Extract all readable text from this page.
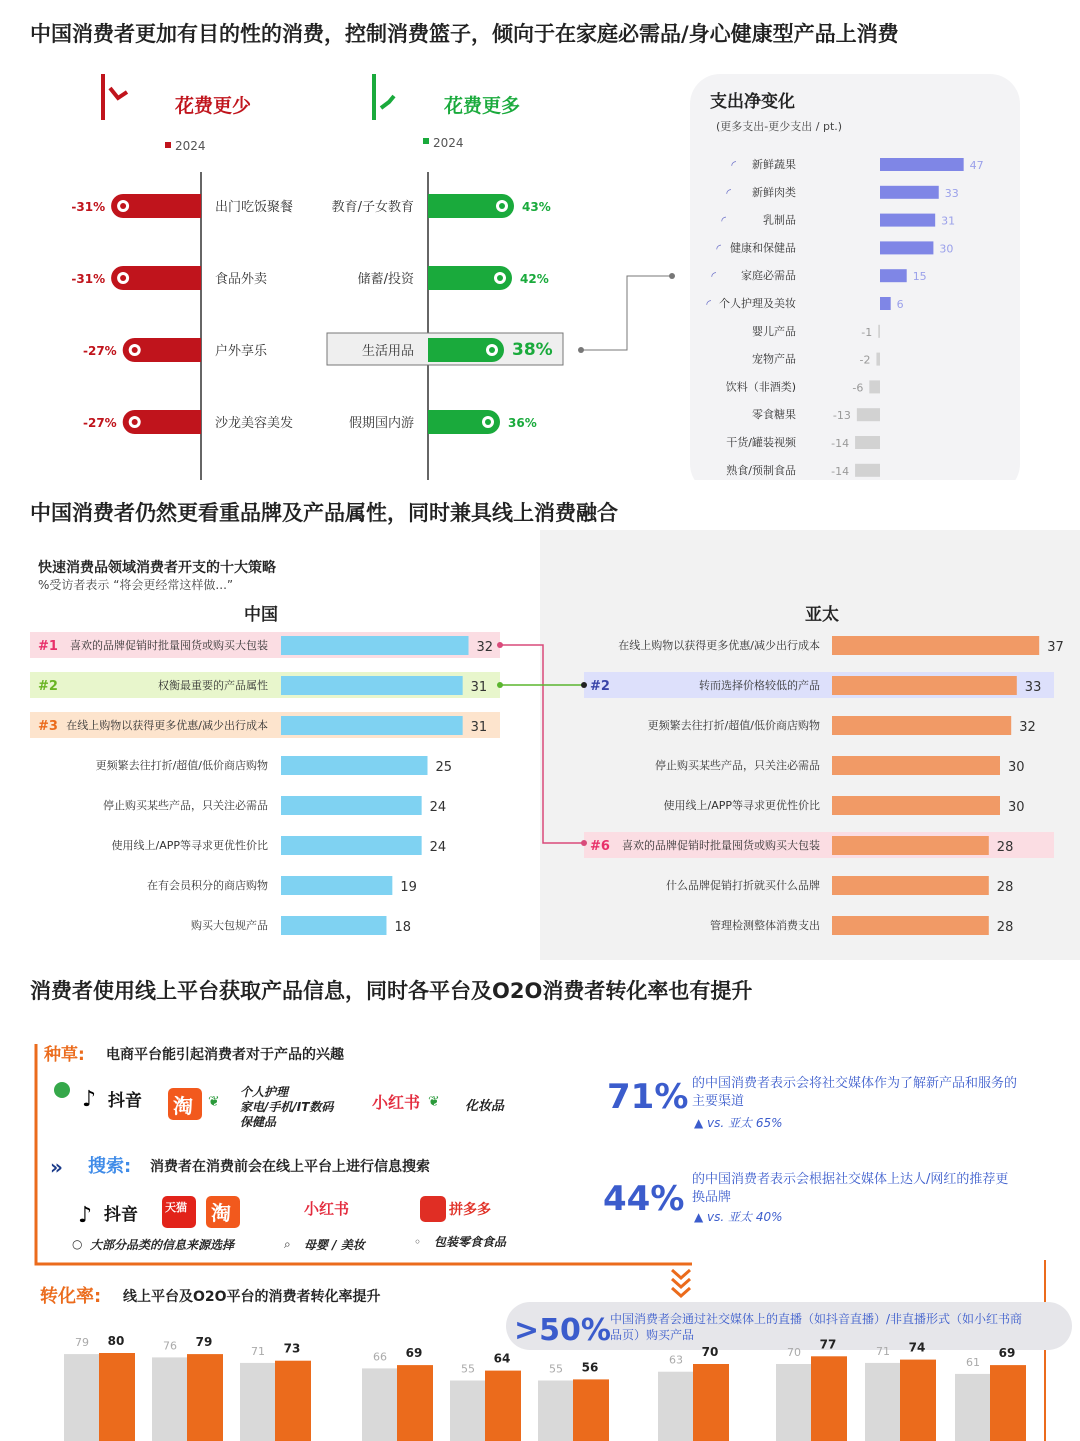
中国消费者更加有目的性的消费，控制消费篮子，倾向于在家庭必需品/身心健康型产品上消费
花费更少	花费更多
2024	2024
-31%	出门吃饭聚餐
-31%	食品外卖
-27%	户外享乐
-27%	沙龙美容美发
43%
教育/子女教育
42%
储蓄/投资
38%
生活用品
36%
假期国内游
支出净变化
(更多支出-更少支出 / pt.)
新鲜蔬果	47
◜
新鲜肉类	33
◜
乳制品	31
◜
健康和保健品	30
◜
家庭必需品	15
◜
个人护理及美妆	6
◜
婴儿产品	-1
宠物产品	-2
饮料（非酒类)	-6
零食糖果	-13
干货/罐装视频	-14
熟食/预制食品	-14
中国消费者仍然更看重品牌及产品属性，同时兼具线上消费融合
快速消费品领域消费者开支的十大策略
%受访者表示 “将会更经常这样做...”
中国	亚太
32
喜欢的品牌促销时批量囤货或购买大包装
#1
31
权衡最重要的产品属性
#2
31
在线上购物以获得更多优惠/减少出行成本
#3
25
更频繁去往打折/超值/低价商店购物
24
停止购买某些产品，只关注必需品
24
使用线上/APP等寻求更优性价比
19
在有会员积分的商店购物
18
购买大包规产品
37
在线上购物以获得更多优惠/减少出行成本
33
转而选择价格较低的产品
#2
32
更频繁去往打折/超值/低价商店购物
30
停止购买某些产品，只关注必需品
30
使用线上/APP等寻求更优性价比
28
喜欢的品牌促销时批量囤货或购买大包装
#6
28
什么品牌促销打折就买什么品牌
28
管理检测整体消费支出
消费者使用线上平台获取产品信息，同时各平台及O2O消费者转化率也有提升
种草: 电商平台能引起消费者对于产品的兴趣
♪ 抖音 淘 ❦
个人护理
家电/手机/IT数码
保健品
小红书 ❦ 化妆品
» 搜索: 消费者在消费前会在线上平台上进行信息搜索
♪ 抖音 天猫 淘	小红书	拼多多
○ 大部分品类的信息来源选择	⌕ 母婴 / 美妆	◦ 包装零食食品
71% 的中国消费者表示会将社交媒体作为了解新产品和服务的主要渠道
▲ vs. 亚太 65%
44% 的中国消费者表示会根据社交媒体上达人/网红的推荐更换品牌
▲ vs. 亚太 40%
>50% 中国消费者会通过社交媒体上的直播（如抖音直播）/非直播形式（如小红书商品页）购买产品
转化率: 线上平台及O2O平台的消费者转化率提升
79 80	76 79
71 73
66 69
55
64
55 56
63
70	70
77
71 74
61
69
